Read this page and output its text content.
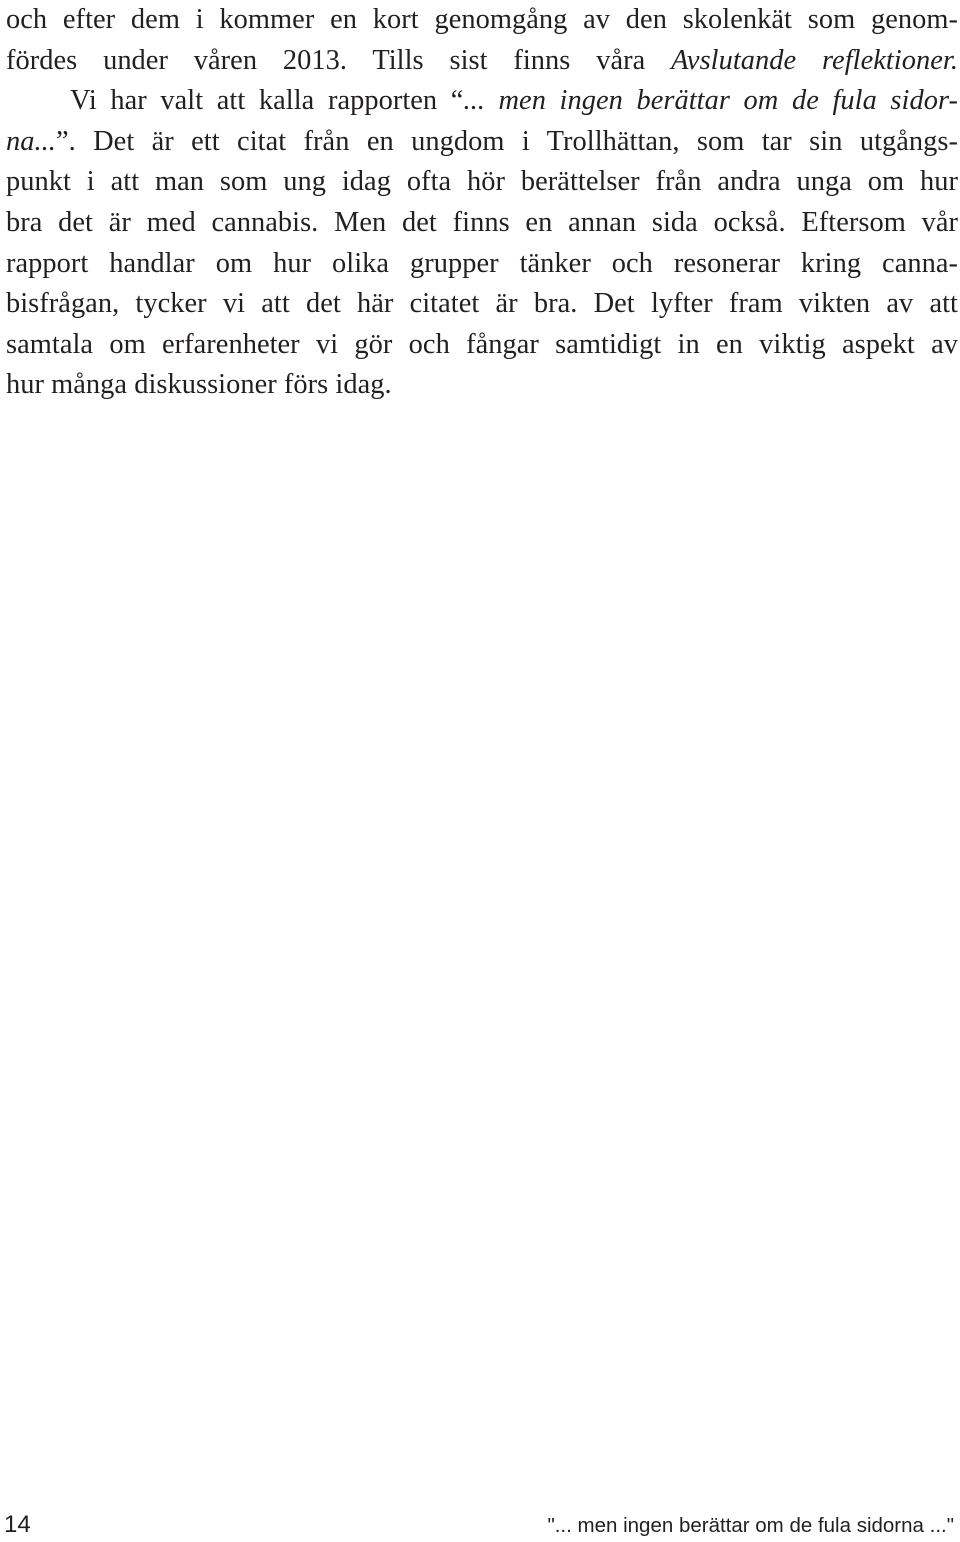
och efter dem i kommer en kort genomgång av den skolenkät som genom-
fördes under våren 2013. Tills sist finns våra Avslutande reflektioner.
Vi har valt att kalla rapporten “... men ingen berättar om de fula sidor-
na...”. Det är ett citat från en ungdom i Trollhättan, som tar sin utgångs-
punkt i att man som ung idag ofta hör berättelser från andra unga om hur
bra det är med cannabis. Men det finns en annan sida också. Eftersom vår
rapport handlar om hur olika grupper tänker och resonerar kring canna-
bisfrågan, tycker vi att det här citatet är bra. Det lyfter fram vikten av att
samtala om erfarenheter vi gör och fångar samtidigt in en viktig aspekt av
hur många diskussioner förs idag.
14	"... men ingen berättar om de fula sidorna ..."
